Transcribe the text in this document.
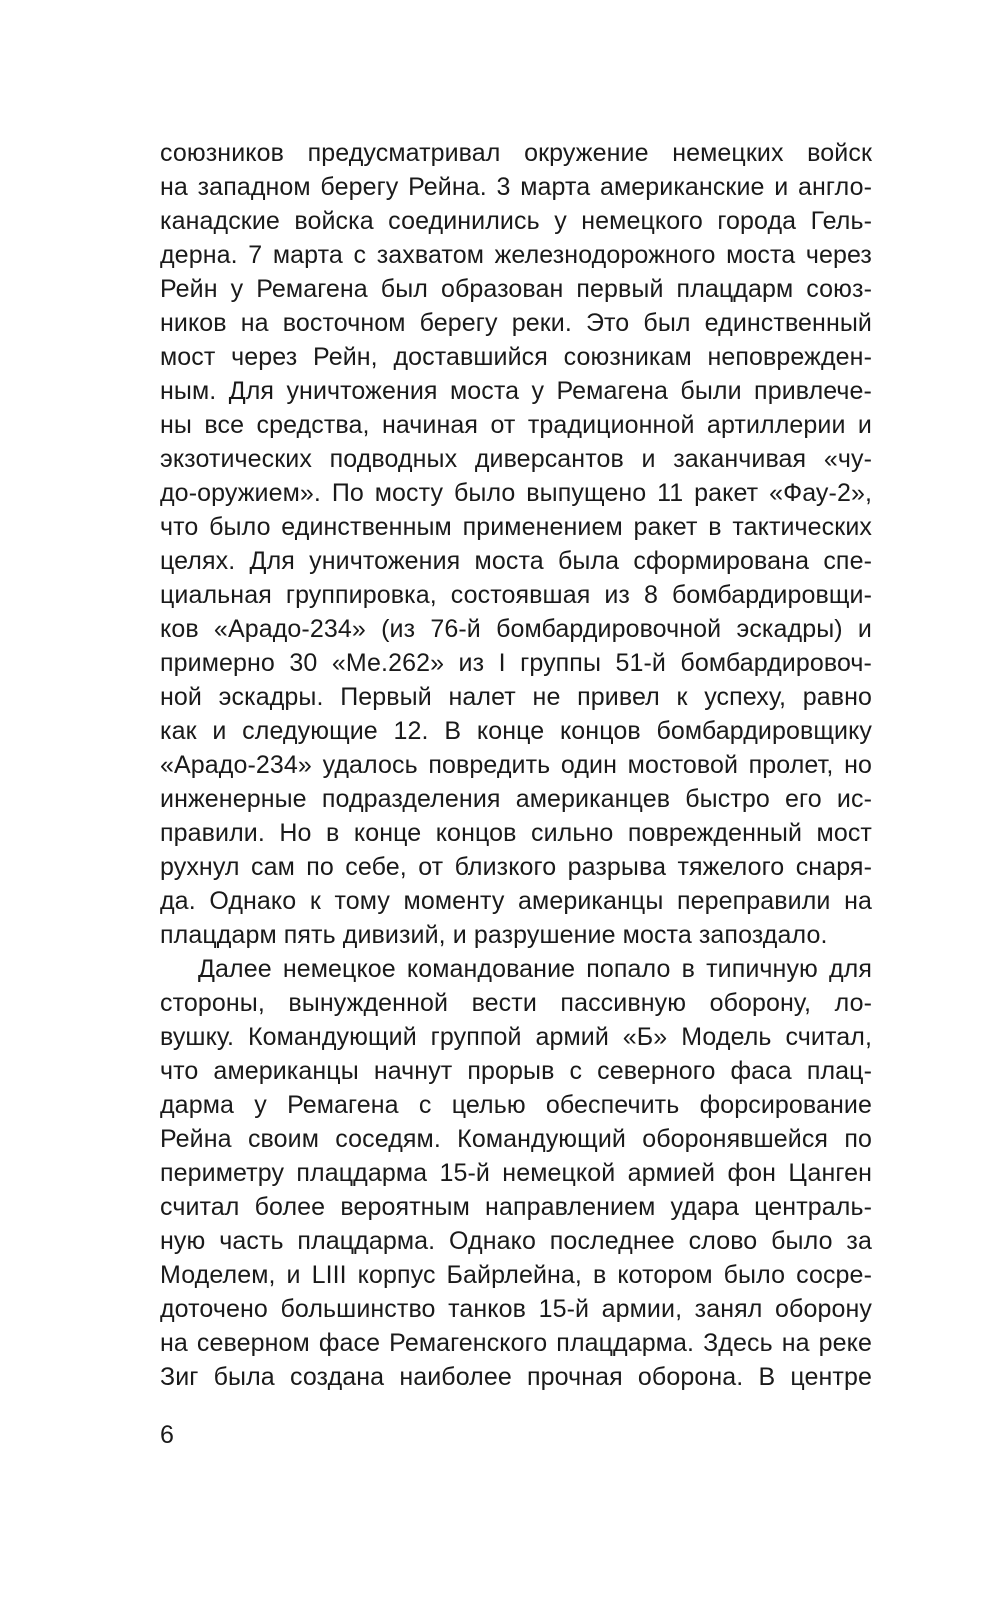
союзников предусматривал окружение немецких войск
на западном берегу Рейна. 3 марта американские и англо-
канадские войска соединились у немецкого города Гель-
дерна. 7 марта с захватом железнодорожного моста через
Рейн у Ремагена был образован первый плацдарм союз-
ников на восточном берегу реки. Это был единственный
мост через Рейн, доставшийся союзникам неповрежден-
ным. Для уничтожения моста у Ремагена были привлече-
ны все средства, начиная от традиционной артиллерии и
экзотических подводных диверсантов и заканчивая «чу-
до-оружием». По мосту было выпущено 11 ракет «Фау-2»,
что было единственным применением ракет в тактических
целях. Для уничтожения моста была сформирована спе-
циальная группировка, состоявшая из 8 бомбардировщи-
ков «Арадо-234» (из 76-й бомбардировочной эскадры) и
примерно 30 «Ме.262» из I группы 51-й бомбардировоч-
ной эскадры. Первый налет не привел к успеху, равно
как и следующие 12. В конце концов бомбардировщику
«Арадо-234» удалось повредить один мостовой пролет, но
инженерные подразделения американцев быстро его ис-
правили. Но в конце концов сильно поврежденный мост
рухнул сам по себе, от близкого разрыва тяжелого снаря-
да. Однако к тому моменту американцы переправили на
плацдарм пять дивизий, и разрушение моста запоздало.
Далее немецкое командование попало в типичную для
стороны, вынужденной вести пассивную оборону, ло-
вушку. Командующий группой армий «Б» Модель считал,
что американцы начнут прорыв с северного фаса плац-
дарма у Ремагена с целью обеспечить форсирование
Рейна своим соседям. Командующий оборонявшейся по
периметру плацдарма 15-й немецкой армией фон Цанген
считал более вероятным направлением удара централь-
ную часть плацдарма. Однако последнее слово было за
Моделем, и LIII корпус Байрлейна, в котором было сосре-
доточено большинство танков 15-й армии, занял оборону
на северном фасе Ремагенского плацдарма. Здесь на реке
Зиг была создана наиболее прочная оборона. В центре
6
